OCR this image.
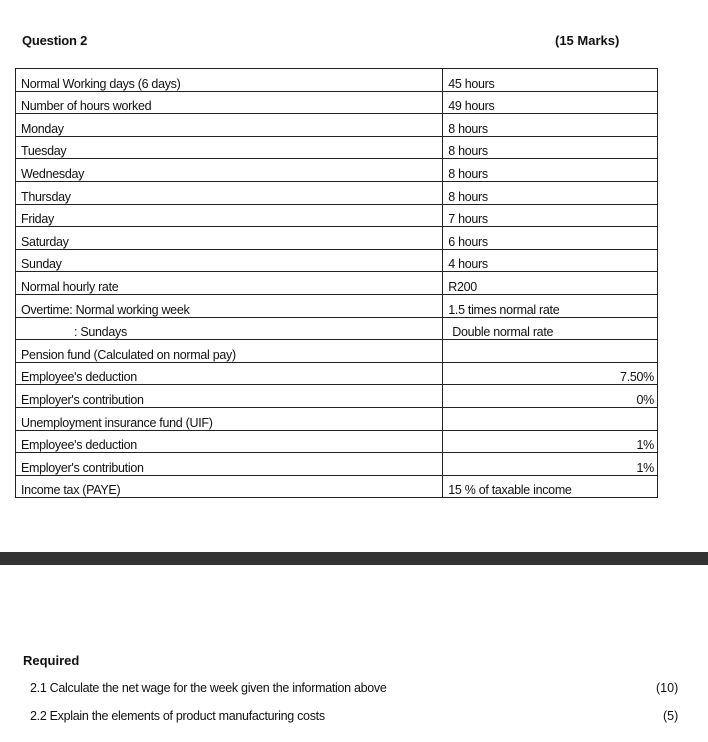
Question 2	(15 Marks)
Normal Working days (6 days)	45 hours
Number of hours worked	49 hours
Monday	8 hours
Tuesday	8 hours
Wednesday	8 hours
Thursday	8 hours
Friday	7 hours
Saturday	6 hours
Sunday	4 hours
Normal hourly rate	R200
Overtime: Normal working week	1.5 times normal rate
: Sundays	Double normal rate
Pension fund (Calculated on normal pay)	
Employee's deduction	7.50%
Employer's contribution	0%
Unemployment insurance fund (UIF)	
Employee's deduction	1%
Employer's contribution	1%
Income tax (PAYE)	15 % of taxable income
Required
2.1 Calculate the net wage for the week given the information above	(10)
2.2 Explain the elements of product manufacturing costs	(5)
